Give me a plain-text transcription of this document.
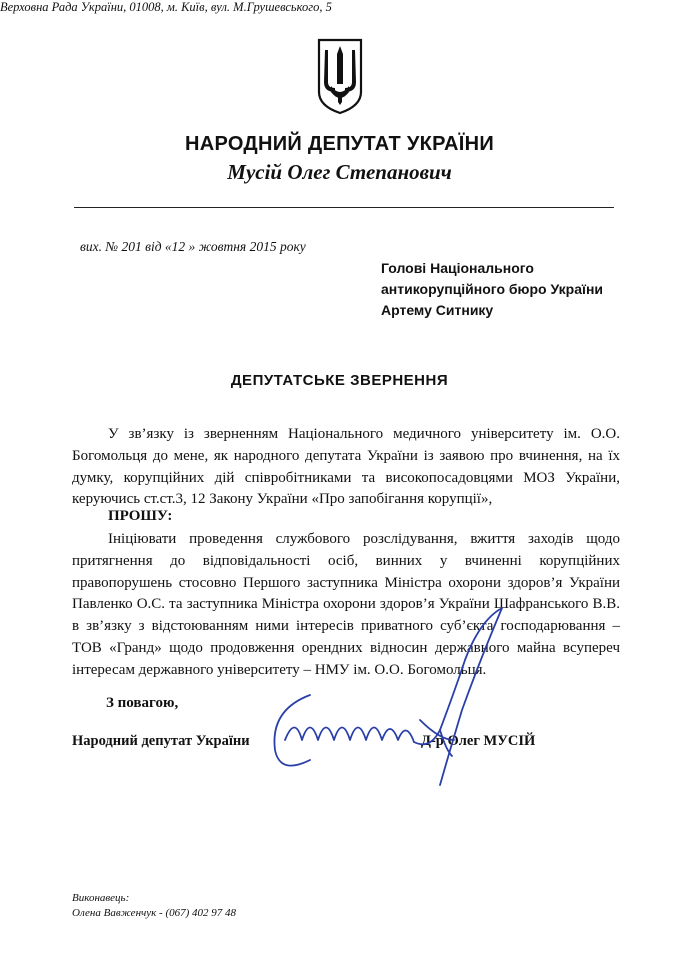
НАРОДНИЙ ДЕПУТАТ УКРАЇНИ
Мусій Олег Степанович
Верховна Рада України, 01008, м. Київ, вул. М.Грушевського, 5
вих. № 201 від «12 » жовтня 2015 року
Голові Національного
антикорупційного бюро України
Артему Ситнику
ДЕПУТАТСЬКЕ ЗВЕРНЕННЯ
У зв’язку із зверненням Національного медичного університету ім. О.О. Богомольця до мене, як народного депутата України із заявою про вчинення, на їх думку, корупційних дій співробітниками та високопосадовцями МОЗ України, керуючись ст.ст.3, 12 Закону України «Про запобігання корупції»,
ПРОШУ:
Ініціювати проведення службового розслідування, вжиття заходів щодо притягнення до відповідальності осіб, винних у вчиненні корупційних правопорушень стосовно Першого заступника Міністра охорони здоров’я України Павленко О.С. та заступника Міністра охорони здоров’я України Шафранського В.В. в зв’язку з відстоюванням ними інтересів приватного суб’єкта господарювання – ТОВ «Гранд» щодо продовження орендних відносин державного майна всупереч інтересам державного університету – НМУ ім. О.О. Богомольця.
З повагою,
Народний депутат України	Д-р Олег МУСІЙ
Виконавець:
Олена Вавженчук - (067) 402 97 48
